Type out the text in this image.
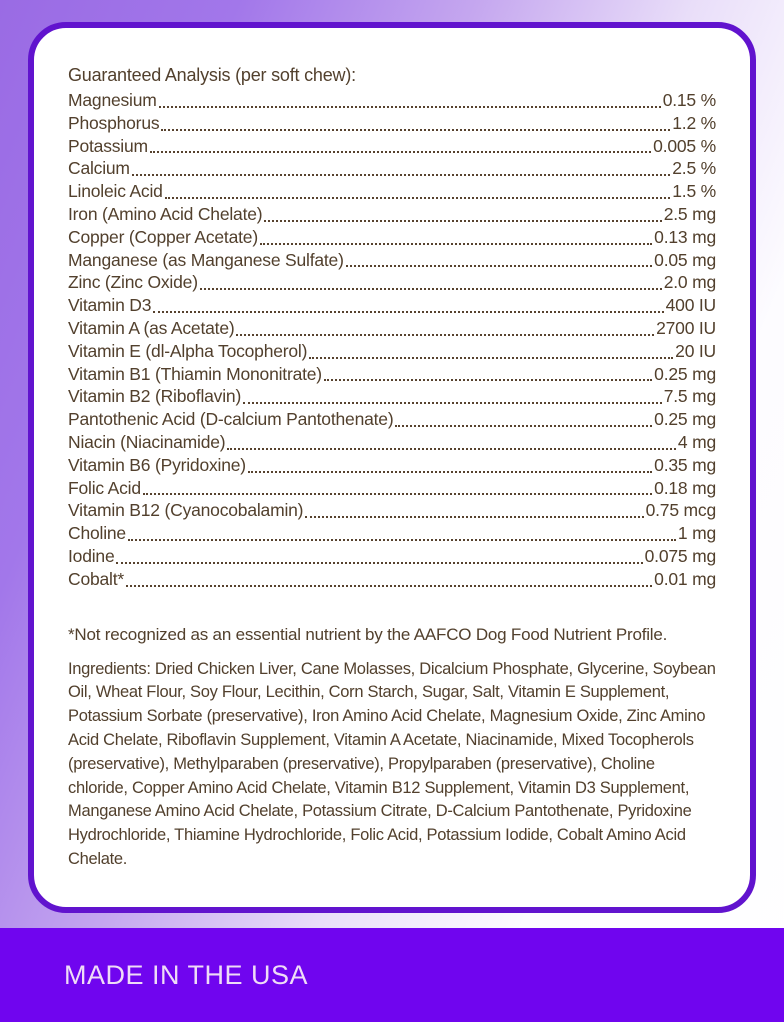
Guaranteed Analysis (per soft chew):
Magnesium	0.15 %
Phosphorus	1.2 %
Potassium	0.005 %
Calcium	2.5 %
Linoleic Acid	1.5 %
Iron (Amino Acid Chelate)	2.5 mg
Copper (Copper Acetate)	0.13 mg
Manganese (as Manganese Sulfate)	0.05 mg
Zinc (Zinc Oxide)	2.0 mg
Vitamin D3	400 IU
Vitamin A (as Acetate)	2700 IU
Vitamin E (dl-Alpha Tocopherol)	20 IU
Vitamin B1 (Thiamin Mononitrate)	0.25 mg
Vitamin B2 (Riboflavin)	7.5 mg
Pantothenic Acid (D-calcium Pantothenate)	0.25 mg
Niacin (Niacinamide)	4 mg
Vitamin B6 (Pyridoxine)	0.35 mg
Folic Acid	0.18 mg
Vitamin B12 (Cyanocobalamin)	0.75 mcg
Choline	1 mg
Iodine	0.075 mg
Cobalt*	0.01 mg

*Not recognized as an essential nutrient by the AAFCO Dog Food Nutrient Profile.

Ingredients: Dried Chicken Liver, Cane Molasses, Dicalcium Phosphate, Glycerine, Soybean Oil, Wheat Flour, Soy Flour, Lecithin, Corn Starch, Sugar, Salt, Vitamin E Supplement, Potassium Sorbate (preservative), Iron Amino Acid Chelate, Magnesium Oxide, Zinc Amino Acid Chelate, Riboflavin Supplement, Vitamin A Acetate, Niacinamide, Mixed Tocopherols (preservative), Methylparaben (preservative), Propylparaben (preservative), Choline chloride, Copper Amino Acid Chelate, Vitamin B12 Supplement, Vitamin D3 Supplement, Manganese Amino Acid Chelate, Potassium Citrate, D-Calcium Pantothenate, Pyridoxine Hydrochloride, Thiamine Hydrochloride, Folic Acid, Potassium Iodide, Cobalt Amino Acid Chelate.

MADE IN THE USA
